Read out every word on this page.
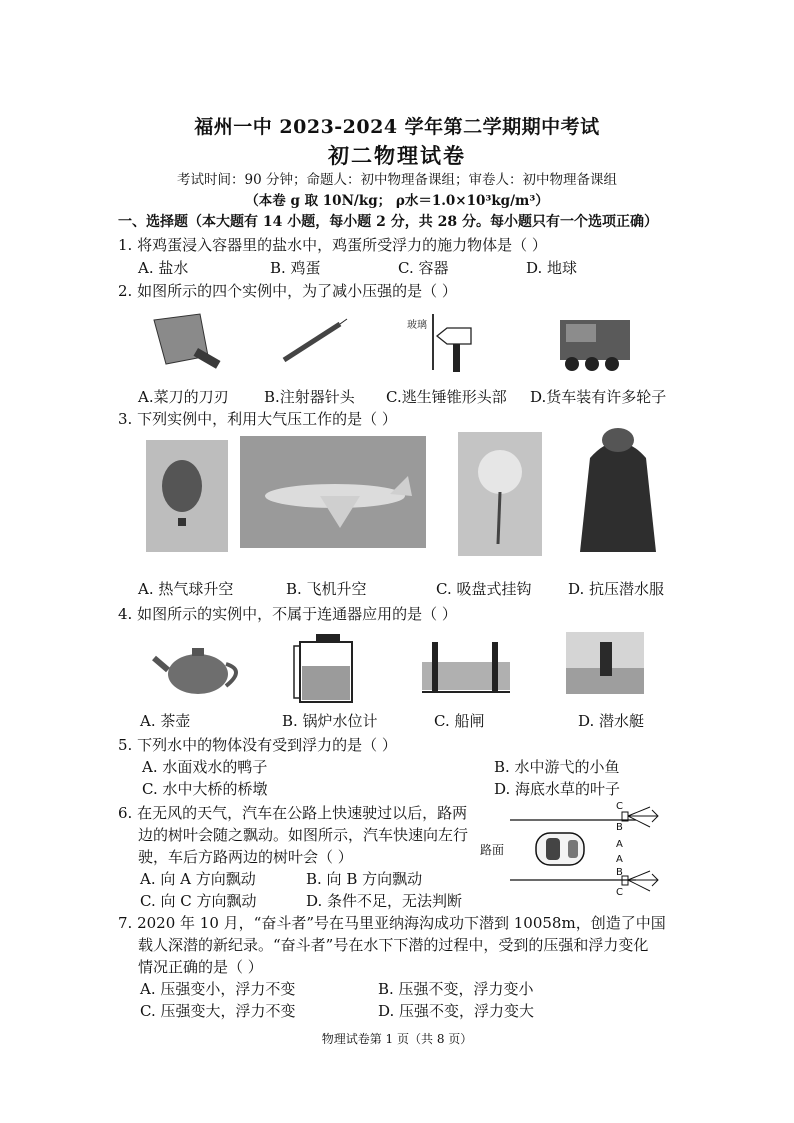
福州一中 2023-2024 学年第二学期期中考试
初二物理试卷
考试时间：90 分钟；命题人：初中物理备课组；审卷人：初中物理备课组
（本卷 g 取 10N/kg； ρ水＝1.0×10³kg/m³）
一、选择题（本大题有 14 小题，每小题 2 分，共 28 分。每小题只有一个选项正确）
1. 将鸡蛋浸入容器里的盐水中，鸡蛋所受浮力的施力物体是（ ）
A. 盐水	B. 鸡蛋	C. 容器	D. 地球
2. 如图所示的四个实例中，为了减小压强的是（ ）
玻璃
A.菜刀的刀刃 B.注射器针头 C.逃生锤锥形头部 D.货车装有许多轮子
3. 下列实例中，利用大气压工作的是（ ）
A. 热气球升空	B. 飞机升空	C. 吸盘式挂钩 D. 抗压潜水服
4. 如图所示的实例中，不属于连通器应用的是（ ）
A. 茶壶	B. 锅炉水位计	C. 船闸	D. 潜水艇
5. 下列水中的物体没有受到浮力的是（ ）
A. 水面戏水的鸭子	B. 水中游弋的小鱼
C. 水中大桥的桥墩	D. 海底水草的叶子
6. 在无风的天气，汽车在公路上快速驶过以后，路两
边的树叶会随之飘动。如图所示，汽车快速向左行
驶，车后方路两边的树叶会（ ）
A. 向 A 方向飘动	B. 向 B 方向飘动
C. 向 C 方向飘动	D. 条件不足，无法判断
路面
C
B
A
A
B
C
7. 2020 年 10 月，“奋斗者”号在马里亚纳海沟成功下潜到 10058m，创造了中国
载人深潜的新纪录。“奋斗者”号在水下下潜的过程中，受到的压强和浮力变化
情况正确的是（ ）
A. 压强变小，浮力不变	B. 压强不变，浮力变小
C. 压强变大，浮力不变	D. 压强不变，浮力变大
物理试卷第 1 页（共 8 页）
